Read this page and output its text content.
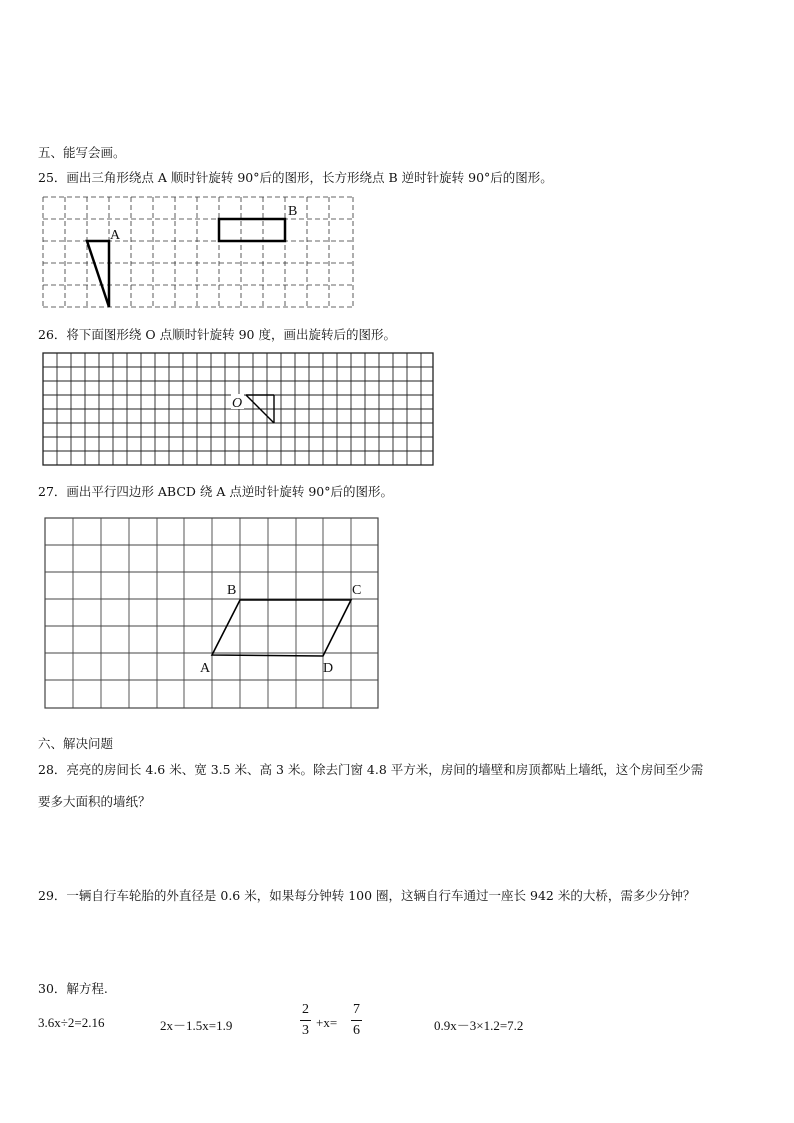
五、能写会画。
25．画出三角形绕点 A 顺时针旋转 90°后的图形，长方形绕点 B 逆时针旋转 90°后的图形。
A
B
26．将下面图形绕 O 点顺时针旋转 90 度，画出旋转后的图形。
O
27．画出平行四边形 ABCD 绕 A 点逆时针旋转 90°后的图形。
A
B	C
D
六、解决问题
28．亮亮的房间长 4.6 米、宽 3.5 米、高 3 米。除去门窗 4.8 平方米，房间的墙壁和房顶都贴上墙纸，这个房间至少需
要多大面积的墙纸？
29．一辆自行车轮胎的外直径是 0.6 米，如果每分钟转 100 圈，这辆自行车通过一座长 942 米的大桥，需多少分钟？
30．解方程.
3.6x÷2=2.16	2x－1.5x=1.9
2
3
+x=
7
6	0.9x－3×1.2=7.2
